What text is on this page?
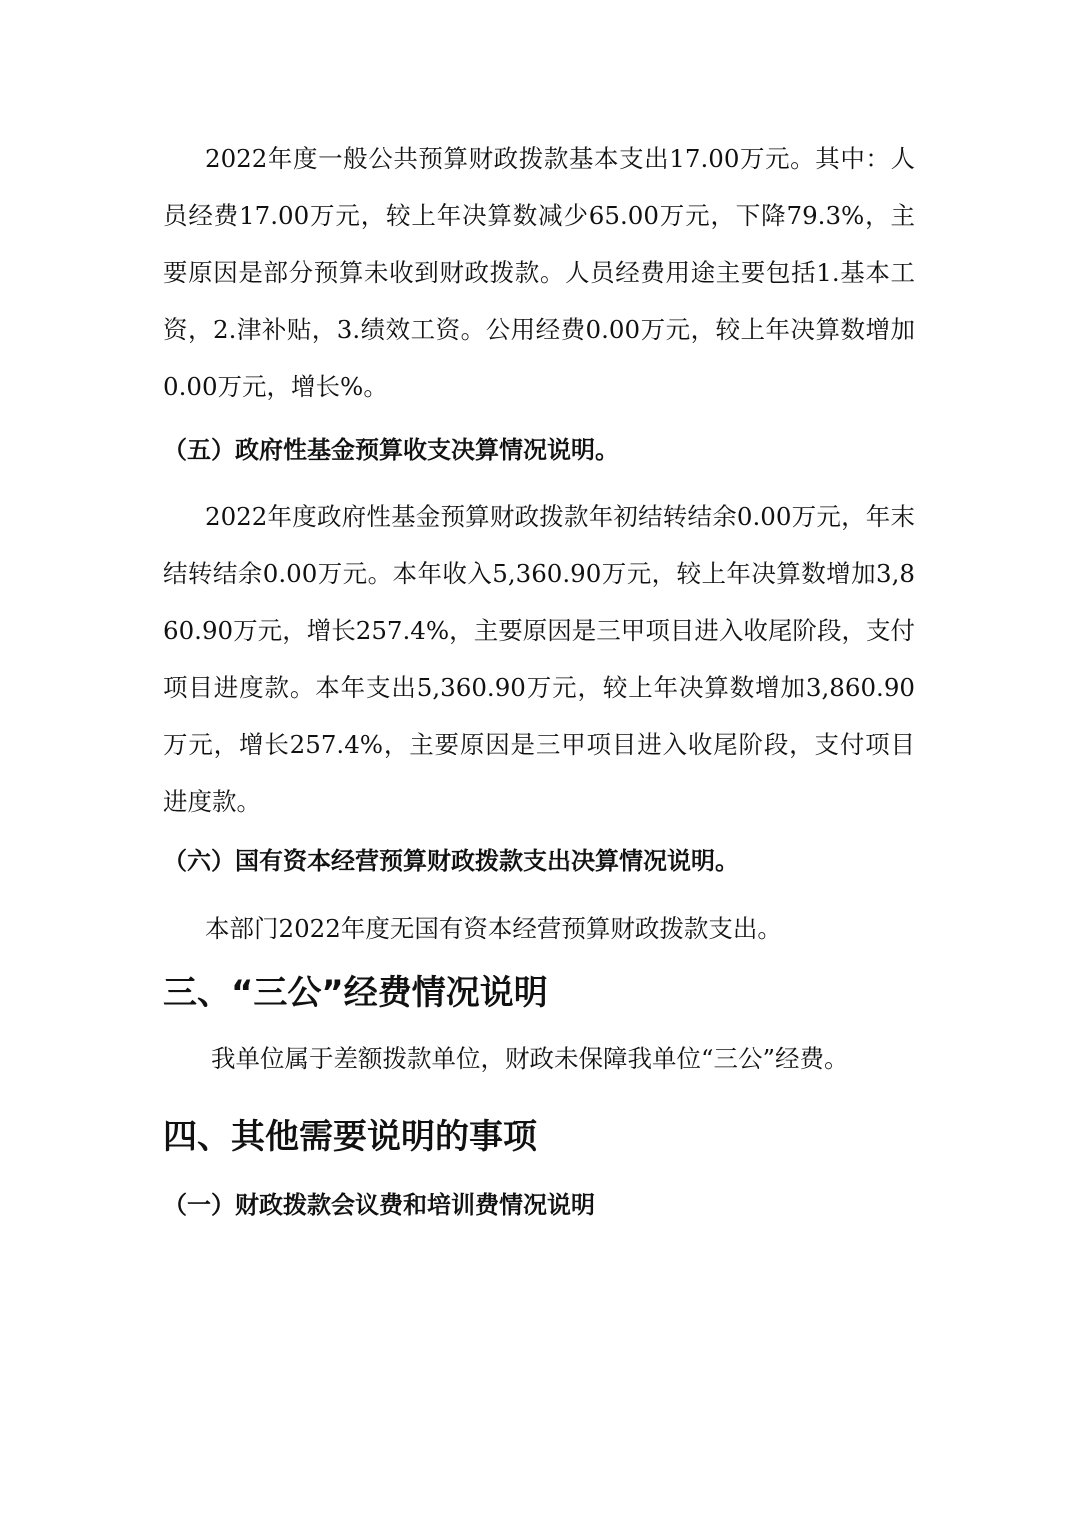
2022年度一般公共预算财政拨款基本支出17.00万元。其中：人员经费17.00万元，较上年决算数减少65.00万元，下降79.3%，主要原因是部分预算未收到财政拨款。人员经费用途主要包括1.基本工资，2.津补贴，3.绩效工资。公用经费0.00万元，较上年决算数增加0.00万元，增长%。

（五）政府性基金预算收支决算情况说明。

2022年度政府性基金预算财政拨款年初结转结余0.00万元，年末结转结余0.00万元。本年收入5,360.90万元，较上年决算数增加3,860.90万元，增长257.4%，主要原因是三甲项目进入收尾阶段，支付项目进度款。本年支出5,360.90万元，较上年决算数增加3,860.90万元，增长257.4%，主要原因是三甲项目进入收尾阶段，支付项目进度款。

（六）国有资本经营预算财政拨款支出决算情况说明。

本部门2022年度无国有资本经营预算财政拨款支出。

三、“三公”经费情况说明

我单位属于差额拨款单位，财政未保障我单位“三公”经费。

四、其他需要说明的事项

（一）财政拨款会议费和培训费情况说明
